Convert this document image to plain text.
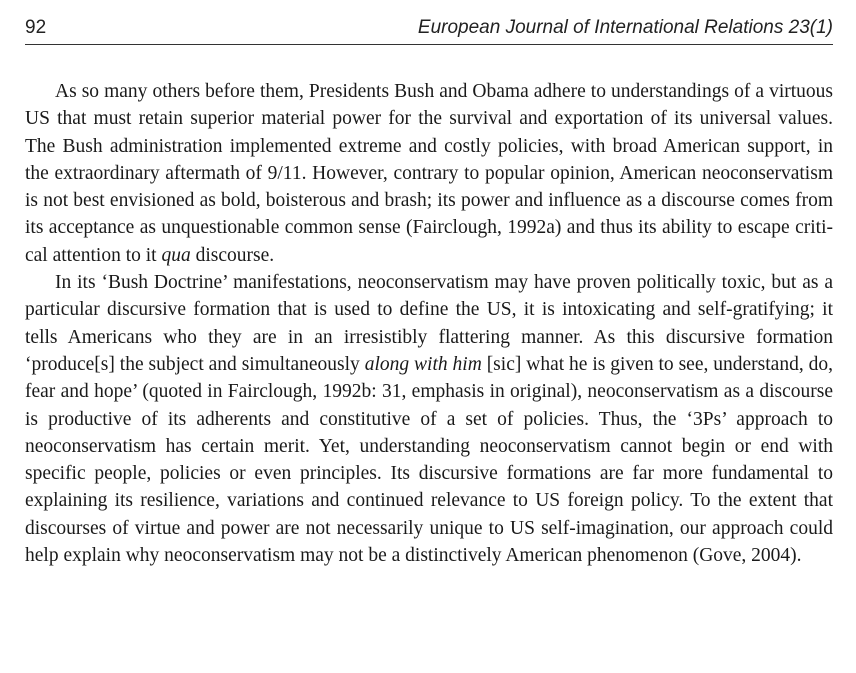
92	European Journal of International Relations 23(1)

As so many others before them, Presidents Bush and Obama adhere to understandings of a virtuous US that must retain superior material power for the survival and exportation of its universal values. The Bush administration implemented extreme and costly policies, with broad American support, in the extraordinary aftermath of 9/11. However, contrary to popular opinion, American neoconservatism is not best envisioned as bold, boisterous and brash; its power and influence as a discourse comes from its acceptance as unquestionable common sense (Fairclough, 1992a) and thus its ability to escape critical attention to it qua discourse.

In its ‘Bush Doctrine’ manifestations, neoconservatism may have proven politically toxic, but as a particular discursive formation that is used to define the US, it is intoxicating and self-gratifying; it tells Americans who they are in an irresistibly flattering manner. As this discursive formation ‘produce[s] the subject and simultaneously along with him [sic] what he is given to see, understand, do, fear and hope’ (quoted in Fairclough, 1992b: 31, emphasis in original), neoconservatism as a discourse is productive of its adherents and constitutive of a set of policies. Thus, the ‘3Ps’ approach to neoconservatism has certain merit. Yet, understanding neoconservatism cannot begin or end with specific people, policies or even principles. Its discursive formations are far more fundamental to explaining its resilience, variations and continued relevance to US foreign policy. To the extent that discourses of virtue and power are not necessarily unique to US self-imagination, our approach could help explain why neoconservatism may not be a distinctively American phenomenon (Gove, 2004).
